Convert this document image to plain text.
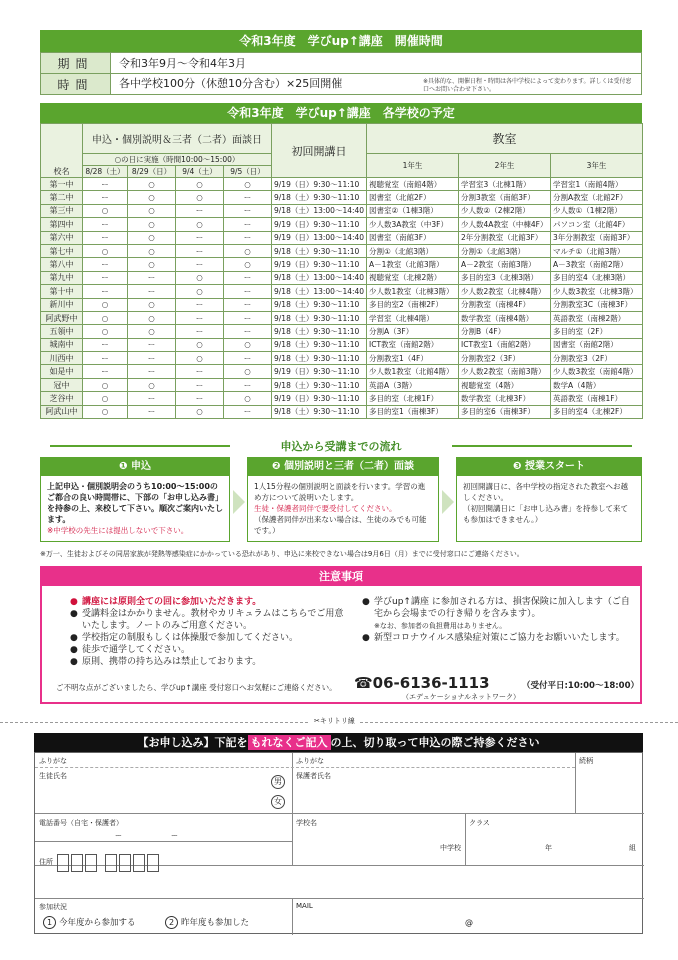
令和3年度　学びup↑講座　開催時間
期間	令和3年9月～令和4年3月
時間	各中学校100分（休憩10分含む）×25回開催 ※具体的な、開催日程・時間は各中学校によって変わります。詳しくは受付窓口へお問い合わせ下さい。
令和3年度　学びup↑講座　各学校の予定
校名	申込・個別説明＆三者（二者）面談日				初回開講日	教室		
	○の日に実施（時間10:00～15:00）					1年生	2年生	3年生
	8/28（土）	8/29（日）	9/4（土）	9/5（日）				
第一中	ー	○	○	○	9/19（日）9:30～11:10	視聴覚室（南館4階）	学習室3（北棟1階）	学習室1（南館4階）
第二中	ー	○	○	ー	9/18（土）9:30～11:10	図書室（北館2F）	分割3教室（南館3F）	分割A教室（北館2F）
第三中	○	○	ー	ー	9/18（土）13:00～14:40	図書室②（1棟3階）	少人数②（2棟2階）	少人数①（1棟2階）
第四中	ー	○	○	ー	9/19（日）9:30～11:10	少人数3A教室（中3F）	少人数4A教室（中棟4F）	パソコン室（北館4F）
第六中	ー	○	ー	ー	9/19（日）13:00～14:40	図書室（南館3F）	2年分割教室（北館3F）	3年分割教室（南館3F）
第七中	○	○	ー	○	9/18（土）9:30～11:10	分割①（北館3階）	分割①（北館3階）	マルチ①（北館3階）
第八中	ー	○	ー	○	9/19（日）9:30～11:10	A－1教室（北館3階）	A－2教室（南館3階）	A－3教室（南館2階）
第九中	ー	ー	○	ー	9/18（土）13:00～14:40	視聴覚室（北棟2階）	多目的室3（北棟3階）	多目的室4（北棟3階）
第十中	ー	ー	○	ー	9/18（土）13:00～14:40	少人数1教室（北棟3階）	少人数2教室（北棟4階）	少人数3教室（北棟3階）
新川中	○	○	ー	ー	9/18（土）9:30～11:10	多目的室2（南棟2F）	分割教室（南棟4F）	分割教室3C（南棟3F）
阿武野中	○	○	ー	ー	9/18（土）9:30～11:10	学習室（北棟4階）	数学教室（南棟4階）	英語教室（南棟2階）
五領中	○	○	ー	ー	9/18（土）9:30～11:10	分割A（3F）	分割B（4F）	多目的室（2F）
城南中	ー	ー	○	○	9/18（土）9:30～11:10	ICT教室（南館2階）	ICT教室1（南館2階）	図書室（南館2階）
川西中	ー	ー	○	ー	9/18（土）9:30～11:10	分割教室1（4F）	分割教室2（3F）	分割教室3（2F）
如是中	ー	ー	ー	○	9/19（日）9:30～11:10	少人数1教室（北館4階）	少人数2教室（南館3階）	少人数3教室（南館4階）
冠中	○	○	ー	ー	9/18（土）9:30～11:10	英語A（3階）	視聴覚室（4階）	数学A（4階）
芝谷中	○	ー	ー	○	9/19（日）9:30～11:10	多目的室（北棟1F）	数学教室（北棟3F）	英語教室（南棟1F）
阿武山中	○	ー	○	ー	9/18（土）9:30～11:10	多目的室1（南棟3F）	多目的室6（南棟3F）	多目的室4（北棟2F）
申込から受講までの流れ
❶ 申込
上記申込・個別説明会のうち10:00～15:00のご都合の良い時間帯に、下部の「お申し込み書」を持参の上、来校して下さい。順次ご案内いたします。
※中学校の先生には提出しないで下さい。
❷ 個別説明と三者（二者）面談
1人15分程の個別説明と面談を行います。学習の進め方について説明いたします。
生徒・保護者同伴で要受付してください。
（保護者同伴が出来ない場合は、生徒のみでも可能です。）
❸ 授業スタート
初回開講日に、各中学校の指定された教室へお越しください。
（初回開講日に「お申し込み書」を持参して来ても参加はできません。）
※万一、生徒およびその同居家族が発熱等感染症にかかっている恐れがあり、申込に来校できない場合は9月6日（月）までに受付窓口にご連絡ください。
注意事項
● 講座には原則全ての回に参加いただきます。
● 受講料金はかかりません。教材やカリキュラムはこちらでご用意いたします。ノートのみご用意ください。
● 学校指定の制服もしくは体操服で参加してください。
● 徒歩で通学してください。
● 原則、携帯の持ち込みは禁止しております。
● 学びup↑講座 に参加される方は、損害保険に加入します（ご自宅から会場までの行き帰りを含みます）。
※なお、参加者の負担費用はありません。
● 新型コロナウイルス感染症対策にご協力をお願いいたします。
ご不明な点がございましたら、学びup↑講座 受付窓口へお気軽にご連絡ください。	☎06-6136-1113	（受付平日:10:00～18:00）
（エデュケーショナルネットワーク）
✂キリトリ線
【お申し込み】下記を もれなくご記入 の上、切り取って申込の際ご持参ください
ふりがな	ふりがな	続柄
生徒氏名	保護者氏名
男
女
電話番号（自宅・保護者）
ー　　　　　　　ー
学校名
中学校
クラス
年	組
住所
参加状況
1 今年度から参加する	2 昨年度も参加した
MAIL
@
